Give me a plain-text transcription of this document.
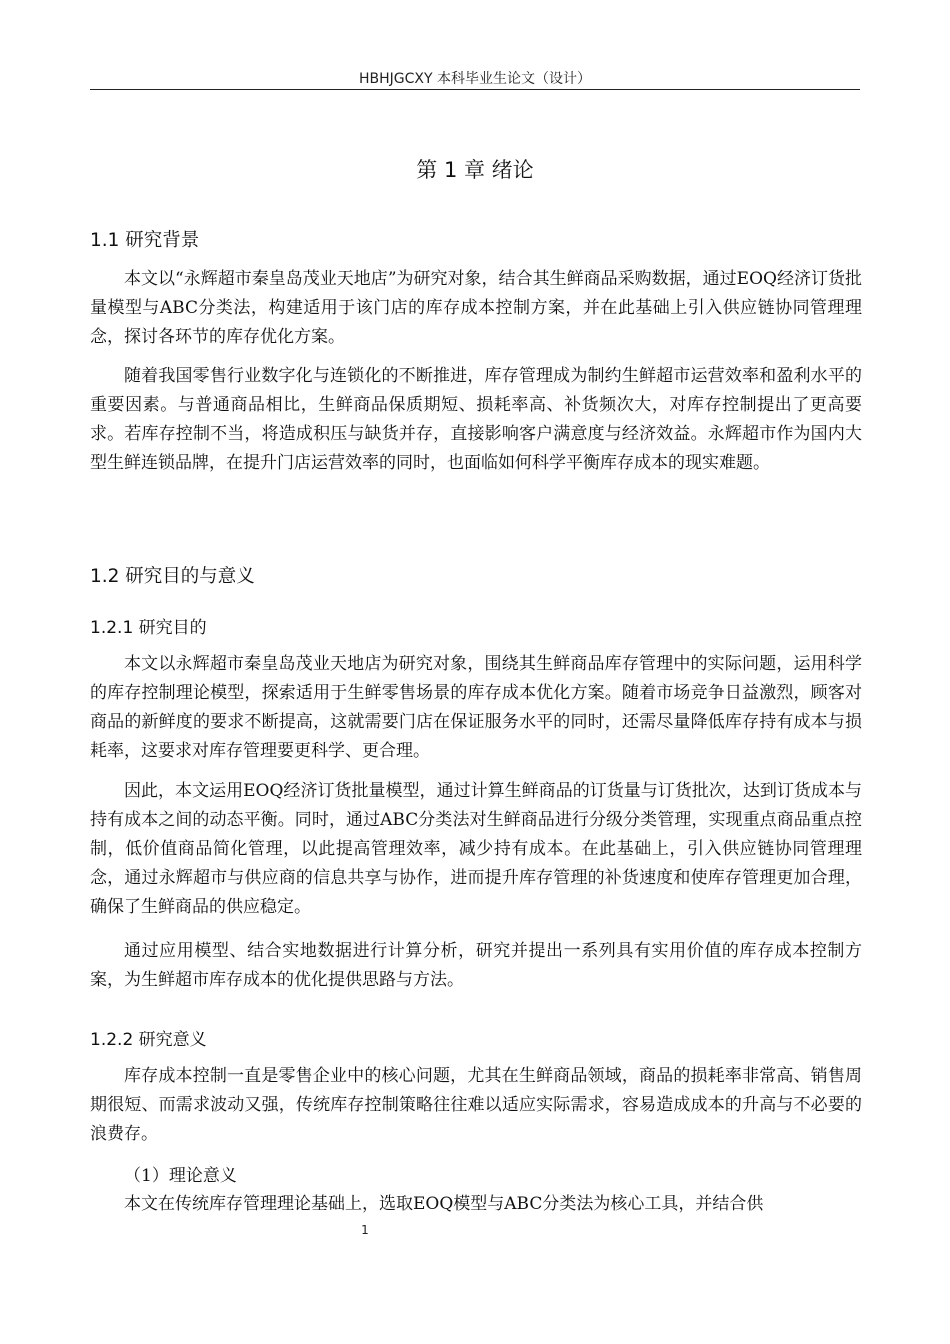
HBHJGCXY 本科毕业生论文（设计）
第 1 章 绪论
1.1 研究背景

本文以“永辉超市秦皇岛茂业天地店”为研究对象，结合其生鲜商品采购数据，通过EOQ经济订货批量模型与ABC分类法，构建适用于该门店的库存成本控制方案，并在此基础上引入供应链协同管理理念，探讨各环节的库存优化方案。

随着我国零售行业数字化与连锁化的不断推进，库存管理成为制约生鲜超市运营效率和盈利水平的重要因素。与普通商品相比，生鲜商品保质期短、损耗率高、补货频次大，对库存控制提出了更高要求。若库存控制不当，将造成积压与缺货并存，直接影响客户满意度与经济效益。永辉超市作为国内大型生鲜连锁品牌，在提升门店运营效率的同时，也面临如何科学平衡库存成本的现实难题。

1.2 研究目的与意义
1.2.1 研究目的

本文以永辉超市秦皇岛茂业天地店为研究对象，围绕其生鲜商品库存管理中的实际问题，运用科学的库存控制理论模型，探索适用于生鲜零售场景的库存成本优化方案。随着市场竞争日益激烈，顾客对商品的新鲜度的要求不断提高，这就需要门店在保证服务水平的同时，还需尽量降低库存持有成本与损耗率，这要求对库存管理要更科学、更合理。

因此，本文运用EOQ经济订货批量模型，通过计算生鲜商品的订货量与订货批次，达到订货成本与持有成本之间的动态平衡。同时，通过ABC分类法对生鲜商品进行分级分类管理，实现重点商品重点控制，低价值商品简化管理，以此提高管理效率，减少持有成本。在此基础上，引入供应链协同管理理念，通过永辉超市与供应商的信息共享与协作，进而提升库存管理的补货速度和使库存管理更加合理，确保了生鲜商品的供应稳定。

通过应用模型、结合实地数据进行计算分析，研究并提出一系列具有实用价值的库存成本控制方案，为生鲜超市库存成本的优化提供思路与方法。

1.2.2 研究意义

库存成本控制一直是零售企业中的核心问题，尤其在生鲜商品领域，商品的损耗率非常高、销售周期很短、而需求波动又强，传统库存控制策略往往难以适应实际需求，容易造成成本的升高与不必要的浪费存。

（1）理论意义

本文在传统库存管理理论基础上，选取EOQ模型与ABC分类法为核心工具，并结合供

1
